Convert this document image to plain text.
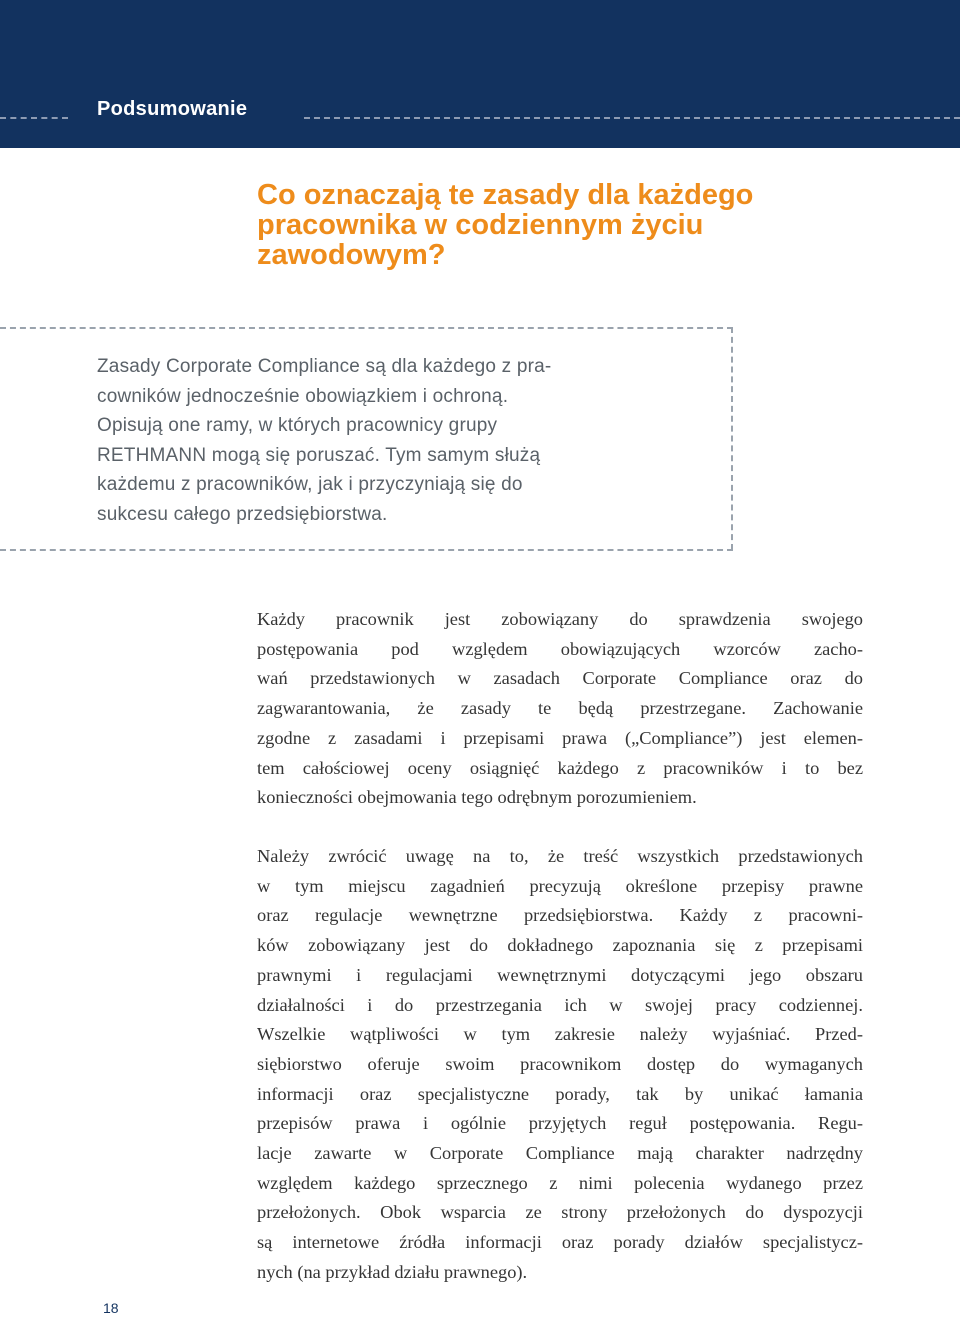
Podsumowanie
Co oznaczają te zasady dla każdego
pracownika w codziennym życiu
zawodowym?
Zasady Corporate Compliance są dla każdego z pra-
cowników jednocześnie obowiązkiem i ochroną.
Opisują one ramy, w których pracownicy grupy
RETHMANN mogą się poruszać. Tym samym służą
każdemu z pracowników, jak i przyczyniają się do
sukcesu całego przedsiębiorstwa.
Każdy pracownik jest zobowiązany do sprawdzenia swojego
postępowania pod względem obowiązujących wzorców zacho-
wań przedstawionych w zasadach Corporate Compliance oraz do
zagwarantowania, że zasady te będą przestrzegane. Zachowanie
zgodne z zasadami i przepisami prawa („Compliance”) jest elemen-
tem całościowej oceny osiągnięć każdego z pracowników i to bez
konieczności obejmowania tego odrębnym porozumieniem.
Należy zwrócić uwagę na to, że treść wszystkich przedstawionych
w tym miejscu zagadnień precyzują określone przepisy prawne
oraz regulacje wewnętrzne przedsiębiorstwa. Każdy z pracowni-
ków zobowiązany jest do dokładnego zapoznania się z przepisami
prawnymi i regulacjami wewnętrznymi dotyczącymi jego obszaru
działalności i do przestrzegania ich w swojej pracy codziennej.
Wszelkie wątpliwości w tym zakresie należy wyjaśniać. Przed-
siębiorstwo oferuje swoim pracownikom dostęp do wymaganych
informacji oraz specjalistyczne porady, tak by unikać łamania
przepisów prawa i ogólnie przyjętych reguł postępowania. Regu-
lacje zawarte w Corporate Compliance mają charakter nadrzędny
względem każdego sprzecznego z nimi polecenia wydanego przez
przełożonych. Obok wsparcia ze strony przełożonych do dyspozycji
są internetowe źródła informacji oraz porady działów specjalistycz-
nych (na przykład działu prawnego).
18
